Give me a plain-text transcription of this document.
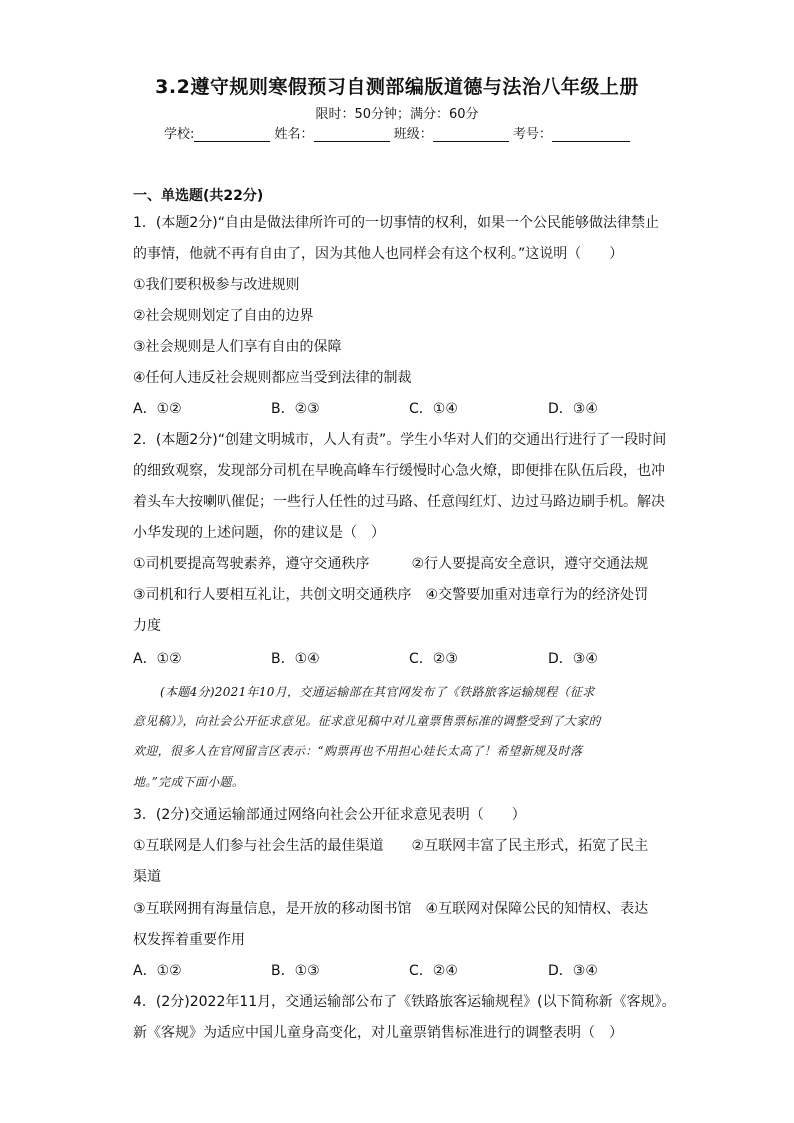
3.2遵守规则寒假预习自测部编版道德与法治八年级上册
限时：50分钟；满分：60分
学校:	姓名：	班级：	考号：
一、单选题(共22分)
1．(本题2分)“自由是做法律所许可的一切事情的权利，如果一个公民能够做法律禁止
的事情，他就不再有自由了，因为其他人也同样会有这个权利。”这说明（　　）
①我们要积极参与改进规则
②社会规则划定了自由的边界
③社会规则是人们享有自由的保障
④任何人违反社会规则都应当受到法律的制裁
A．①②	B．②③	C．①④	D．③④
2．(本题2分)“创建文明城市，人人有责”。学生小华对人们的交通出行进行了一段时间
的细致观察，发现部分司机在早晚高峰车行缓慢时心急火燎，即便排在队伍后段，也冲
着头车大按喇叭催促；一些行人任性的过马路、任意闯红灯、边过马路边刷手机。解决
小华发现的上述问题，你的建议是（　）
①司机要提高驾驶素养，遵守交通秩序　　　②行人要提高安全意识，遵守交通法规
③司机和行人要相互礼让，共创文明交通秩序　④交警要加重对违章行为的经济处罚
力度
A．①②	B．①④	C．②③	D．③④
(本题4分)2021年10月，交通运输部在其官网发布了《铁路旅客运输规程（征求
意见稿）》，向社会公开征求意见。征求意见稿中对儿童票售票标准的调整受到了大家的
欢迎，很多人在官网留言区表示：“购票再也不用担心娃长太高了！希望新规及时落
地。”完成下面小题。
3．(2分)交通运输部通过网络向社会公开征求意见表明（　　）
①互联网是人们参与社会生活的最佳渠道　　②互联网丰富了民主形式，拓宽了民主
渠道
③互联网拥有海量信息，是开放的移动图书馆　④互联网对保障公民的知情权、表达
权发挥着重要作用
A．①②	B．①③	C．②④	D．③④
4．(2分)2022年11月，交通运输部公布了《铁路旅客运输规程》(以下简称新《客规》。
新《客规》为适应中国儿童身高变化，对儿童票销售标准进行的调整表明（　）
